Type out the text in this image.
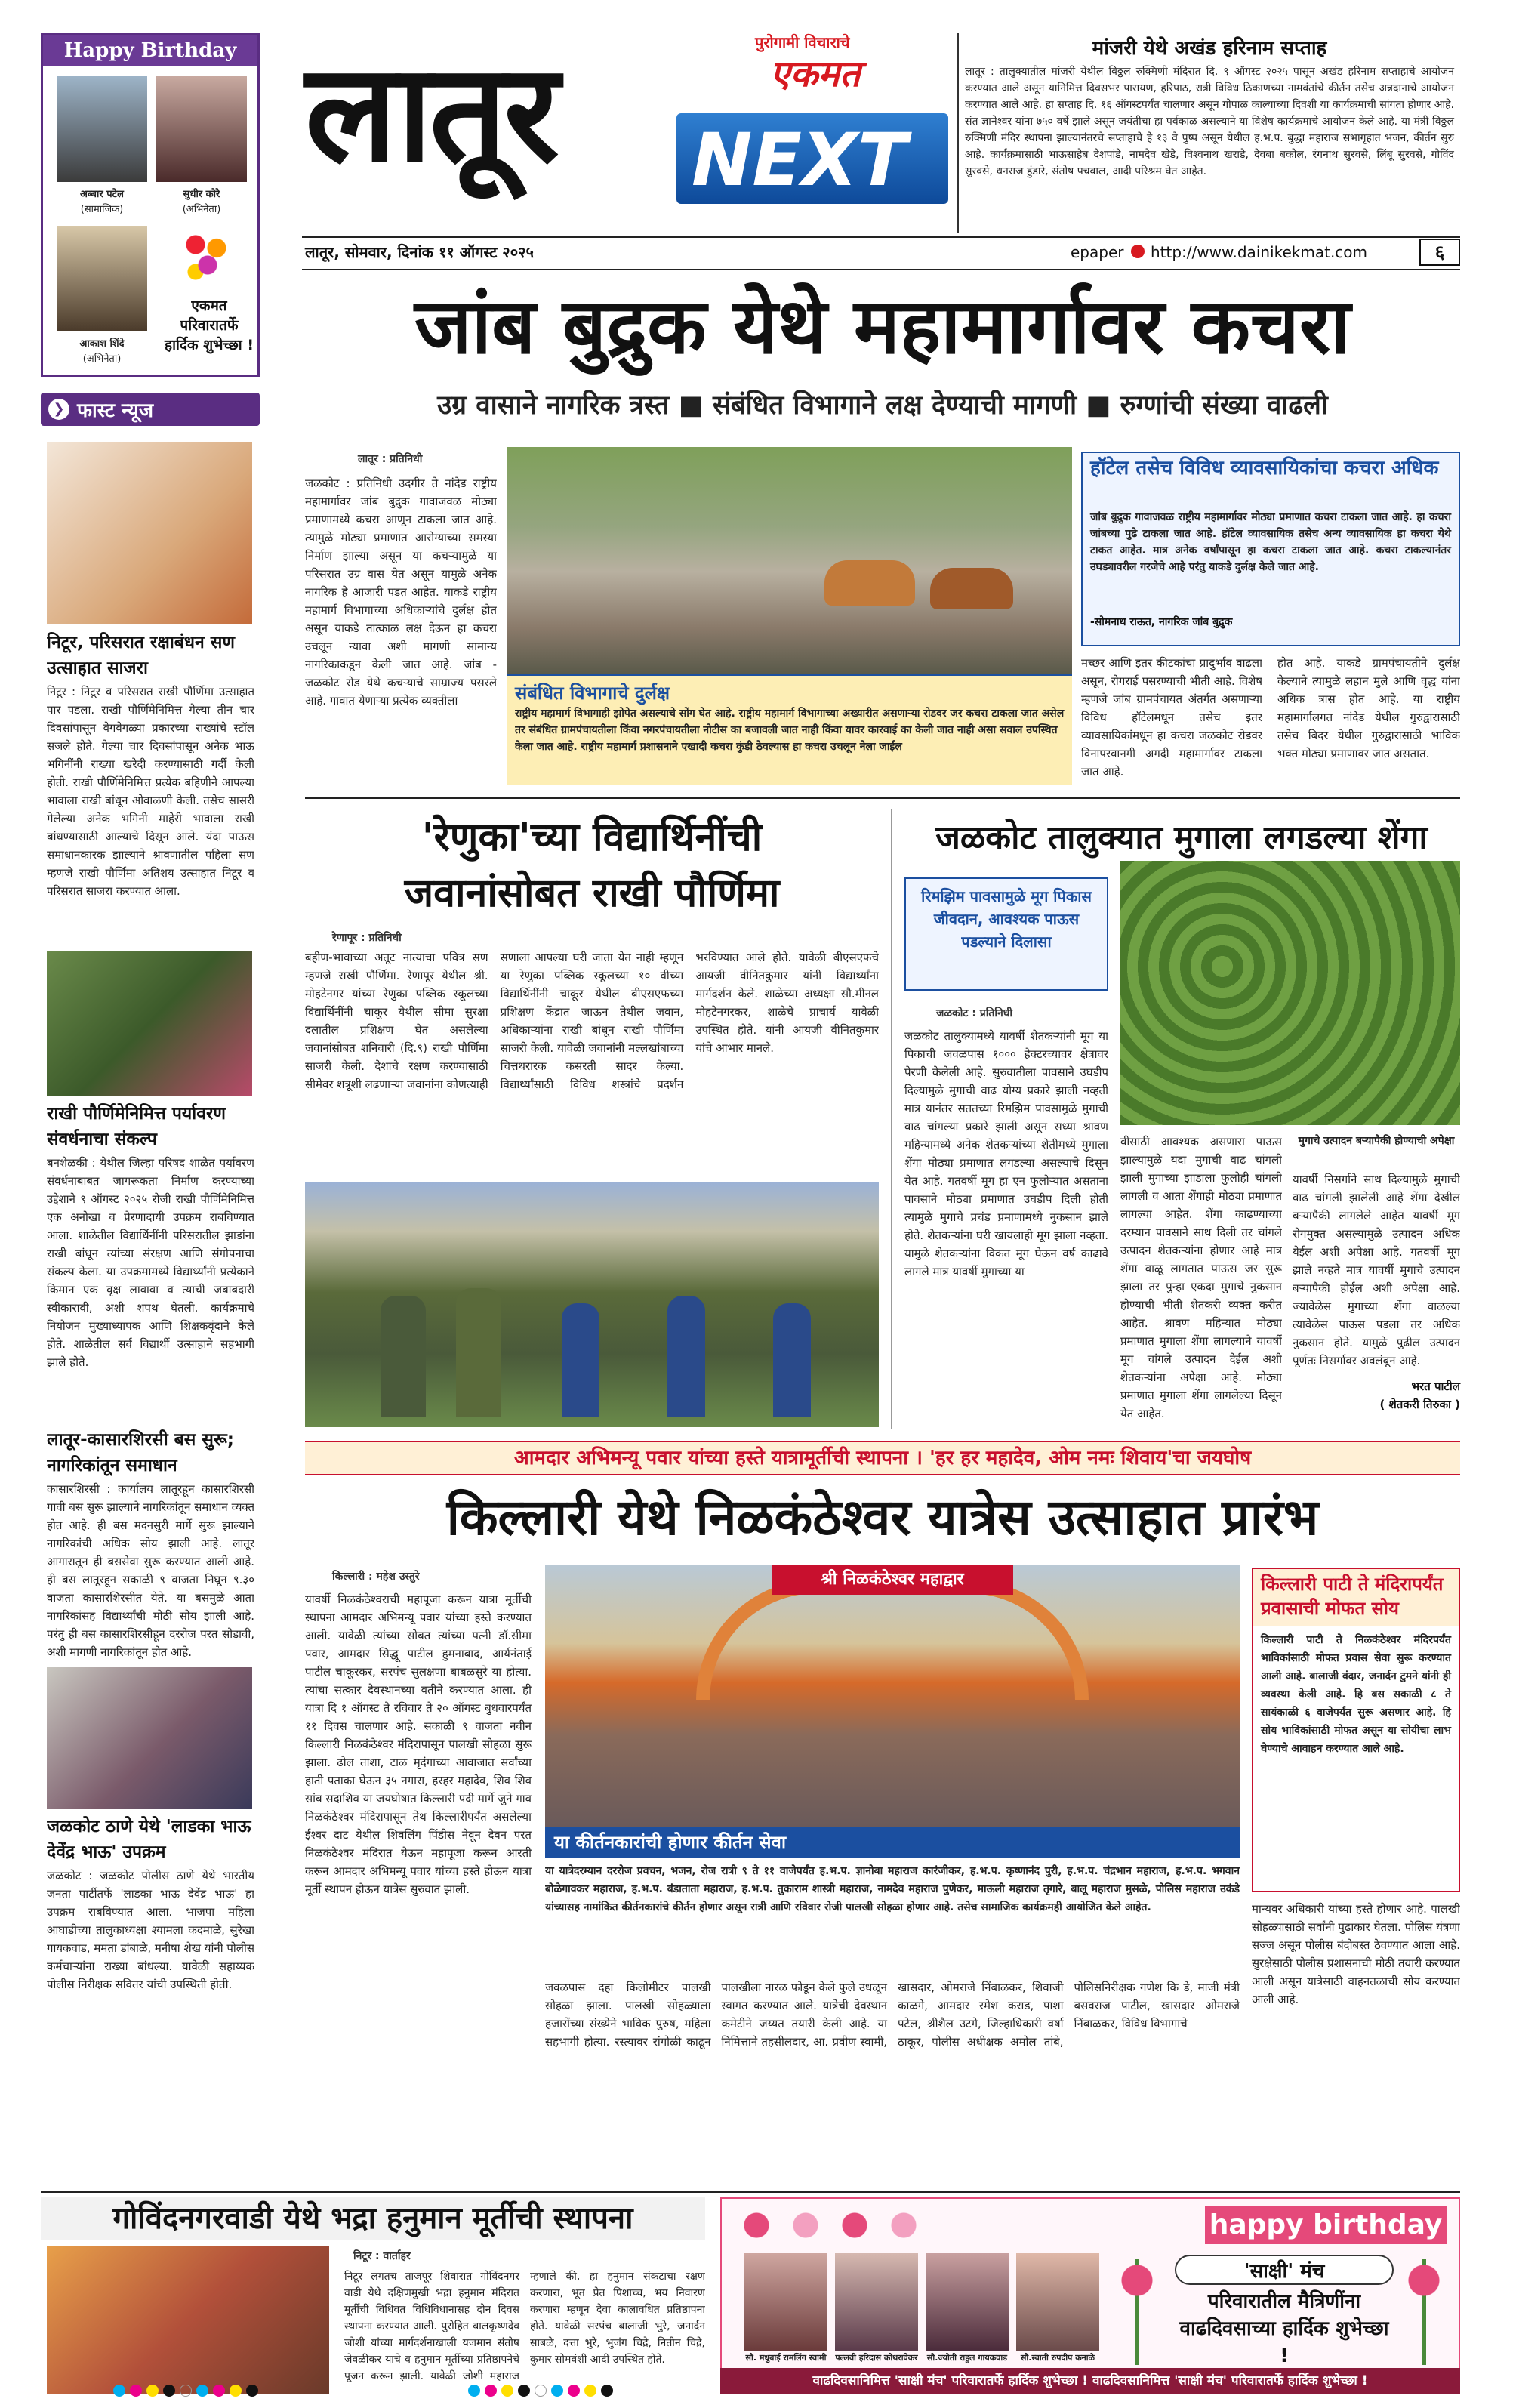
Happy Birthday
अब्बार पटेल
(सामाजिक)
सुधीर कोरे
(अभिनेता)
आकाश शिंदे
(अभिनेता)
एकमत परिवारातर्फे हार्दिक शुभेच्छा !
❯ फास्ट न्यूज
निटूर, परिसरात रक्षाबंधन सण उत्साहात साजरा
निटूर : निटूर व परिसरात राखी पौर्णिमा उत्साहात पार पडला. राखी पौर्णिमेनिमित्त गेल्या तीन चार दिवसांपासून वेगवेगळ्या प्रकारच्या राख्यांचे स्टॉल सजले होते. गेल्या चार दिवसांपासून अनेक भाऊ भगिनींनी राख्या खरेदी करण्यासाठी गर्दी केली होती. राखी पौर्णिमेनिमित्त प्रत्येक बहिणीने आपल्या भावाला राखी बांधून ओवाळणी केली. तसेच सासरी गेलेल्या अनेक भगिनी माहेरी भावाला राखी बांधण्यासाठी आल्याचे दिसून आले. यंदा पाऊस समाधानकारक झाल्याने श्रावणातील पहिला सण म्हणजे राखी पौर्णिमा अतिशय उत्साहात निटूर व परिसरात साजरा करण्यात आला.
राखी पौर्णिमेनिमित्त पर्यावरण संवर्धनाचा संकल्प
बनशेळकी : येथील जिल्हा परिषद शाळेत पर्यावरण संवर्धनाबाबत जागरूकता निर्माण करण्याच्या उद्देशाने ९ ऑगस्ट २०२५ रोजी राखी पौर्णिमेनिमित्त एक अनोखा व प्रेरणादायी उपक्रम राबविण्यात आला. शाळेतील विद्यार्थिनींनी परिसरातील झाडांना राखी बांधून त्यांच्या संरक्षण आणि संगोपनाचा संकल्प केला. या उपक्रमामध्ये विद्यार्थ्यांनी प्रत्येकाने किमान एक वृक्ष लावावा व त्याची जबाबदारी स्वीकारावी, अशी शपथ घेतली. कार्यक्रमाचे नियोजन मुख्याध्यापक आणि शिक्षकवृंदाने केले होते. शाळेतील सर्व विद्यार्थी उत्साहाने सहभागी झाले होते.
लातूर-कासारशिरसी बस सुरू; नागरिकांतून समाधान
कासारशिरसी : कार्यालय लातूरहून कासारशिरसी गावी बस सुरू झाल्याने नागरिकांतून समाधान व्यक्त होत आहे. ही बस मदनसुरी मार्गे सुरू झाल्याने नागरिकांची अधिक सोय झाली आहे. लातूर आगारातून ही बससेवा सुरू करण्यात आली आहे. ही बस लातूरहून सकाळी ९ वाजता निघून ९.३० वाजता कासारशिरसीत येते. या बसमुळे आता नागरिकांसह विद्यार्थ्यांची मोठी सोय झाली आहे. परंतु ही बस कासारशिरसीहून दररोज परत सोडावी, अशी मागणी नागरिकांतून होत आहे.
जळकोट ठाणे येथे 'लाडका भाऊ देवेंद्र भाऊ' उपक्रम
जळकोट : जळकोट पोलीस ठाणे येथे भारतीय जनता पार्टीतर्फे 'लाडका भाऊ देवेंद्र भाऊ' हा उपक्रम राबविण्यात आला. भाजपा महिला आघाडीच्या तालुकाध्यक्षा श्यामला कदमाळे, सुरेखा गायकवाड, ममता डांबाळे, मनीषा शेख यांनी पोलीस कर्मचाऱ्यांना राख्या बांधल्या. यावेळी सहाय्यक पोलीस निरीक्षक सवितर यांची उपस्थिती होती.
लातूर	पुरोगामी विचाराचे
एकमत
NEXT
लातूर, सोमवार, दिनांक ११ ऑगस्ट २०२५	epaper http://www.dainikekmat.com	६
मांजरी येथे अखंड हरिनाम सप्ताह
लातूर : तालुक्यातील मांजरी येथील विठ्ठल रुक्मिणी मंदिरात दि. ९ ऑगस्ट २०२५ पासून अखंड हरिनाम सप्ताहाचे आयोजन करण्यात आले असून यानिमित्त दिवसभर पारायण, हरिपाठ, रात्री विविध ठिकाणच्या नामवंतांचे कीर्तन तसेच अन्नदानाचे आयोजन करण्यात आले आहे. हा सप्ताह दि. १६ ऑगस्टपर्यंत चालणार असून गोपाळ काल्याच्या दिवशी या कार्यक्रमाची सांगता होणार आहे. संत ज्ञानेश्वर यांना ७५० वर्षे झाले असून जयंतीचा हा पर्वकाळ असल्याने या विशेष कार्यक्रमाचे आयोजन केले आहे. या मंत्री विठ्ठल रुक्मिणी मंदिर स्थापना झाल्यानंतरचे सप्ताहाचे हे १३ वे पुष्प असून येथील ह.भ.प. बुद्धा महाराज सभागृहात भजन, कीर्तन सुरु आहे. कार्यक्रमासाठी भाऊसाहेब देशपांडे, नामदेव खेडे, विश्वनाथ खराडे, देवबा बकोल, रंगनाथ सुरवसे, लिंबू सुरवसे, गोविंद सुरवसे, धनराज हुंडारे, संतोष पचवाल, आदी परिश्रम घेत आहेत.
जांब बुद्रुक येथे महामार्गावर कचरा
उग्र वासाने नागरिक त्रस्त ■ संबंधित विभागाने लक्ष देण्याची मागणी ■ रुग्णांची संख्या वाढली
लातूर : प्रतिनिधी
जळकोट : प्रतिनिधी उदगीर ते नांदेड राष्ट्रीय महामार्गावर जांब बुद्रुक गावाजवळ मोठ्या प्रमाणामध्ये कचरा आणून टाकला जात आहे. त्यामुळे मोठ्या प्रमाणात आरोग्याच्या समस्या निर्माण झाल्या असून या कचऱ्यामुळे या परिसरात उग्र वास येत असून यामुळे अनेक नागरिक हे आजारी पडत आहेत. याकडे राष्ट्रीय महामार्ग विभागाच्या अधिकाऱ्यांचे दुर्लक्ष होत असून याकडे तात्काळ लक्ष देऊन हा कचरा उचलून न्यावा अशी मागणी सामान्य नागरिकाकडून केली जात आहे. जांब - जळकोट रोड येथे कचऱ्याचे साम्राज्य पसरले आहे. गावात येणाऱ्या प्रत्येक व्यक्तीला	संबंधित विभागाचे दुर्लक्ष
राष्ट्रीय महामार्ग विभागाही झोपेत असल्याचे सोंग घेत आहे. राष्ट्रीय महामार्ग विभागाच्या अख्यारीत असणाऱ्या रोडवर जर कचरा टाकला जात असेल तर संबंधित ग्रामपंचायतीला किंवा नगरपंचायतीला नोटीस का बजावली जात नाही किंवा यावर कारवाई का केली जात नाही असा सवाल उपस्थित केला जात आहे. राष्ट्रीय महामार्ग प्रशासनाने एखादी कचरा कुंडी ठेवल्यास हा कचरा उचलून नेला जाईल
हॉटेल तसेच विविध व्यावसायिकांचा कचरा अधिक
जांब बुद्रुक गावाजवळ राष्ट्रीय महामार्गावर मोठ्या प्रमाणात कचरा टाकला जात आहे. हा कचरा जांबच्या पुढे टाकला जात आहे. हॉटेल व्यावसायिक तसेच अन्य व्यावसायिक हा कचरा येथे टाकत आहेत. मात्र अनेक वर्षांपासून हा कचरा टाकला जात आहे. कचरा टाकल्यानंतर उघड्यावरील गरजेचे आहे परंतु याकडे दुर्लक्ष केले जात आहे.
-सोमनाथ राऊत, नागरिक जांब बुद्रुक
मच्छर आणि इतर कीटकांचा प्रादुर्भाव वाढला असून, रोगराई पसरण्याची भीती आहे. विशेष म्हणजे जांब ग्रामपंचायत अंतर्गत असणाऱ्या विविध हॉटेलमधून तसेच इतर व्यावसायिकांमधून हा कचरा जळकोट रोडवर विनापरवानगी अगदी महामार्गावर टाकला जात आहे.
होत आहे. याकडे ग्रामपंचायतीने दुर्लक्ष केल्याने त्यामुळे लहान मुले आणि वृद्ध यांना अधिक त्रास होत आहे. या राष्ट्रीय महामार्गालगत नांदेड येथील गुरुद्वारासाठी तसेच बिदर येथील गुरुद्वारासाठी भाविक भक्त मोठ्या प्रमाणावर जात असतात.
'रेणुका'च्या विद्यार्थिनींची
जवानांसोबत राखी पौर्णिमा
रेणापूर : प्रतिनिधी
बहीण-भावाच्या अतूट नात्याचा पवित्र सण म्हणजे राखी पौर्णिमा. रेणापूर येथील श्री. मोहटेनगर यांच्या रेणुका पब्लिक स्कूलच्या विद्यार्थिनींनी चाकूर येथील सीमा सुरक्षा दलातील प्रशिक्षण घेत असलेल्या जवानांसोबत शनिवारी (दि.९) राखी पौर्णिमा साजरी केली. देशाचे रक्षण करण्यासाठी सीमेवर शत्रूशी लढणाऱ्या जवानांना कोणत्याही सणाला आपल्या घरी जाता येत नाही म्हणून या रेणुका पब्लिक स्कूलच्या १० वीच्या विद्यार्थिनींनी चाकूर येथील बीएसएफच्या प्रशिक्षण केंद्रात जाऊन तेथील जवान, अधिकाऱ्यांना राखी बांधून राखी पौर्णिमा साजरी केली. यावेळी जवानांनी मल्लखांबाच्या चित्तथरारक कसरती सादर केल्या. विद्यार्थ्यांसाठी विविध शस्त्रांचे प्रदर्शन भरविण्यात आले होते. यावेळी बीएसएफचे आयजी वीनितकुमार यांनी विद्यार्थ्यांना मार्गदर्शन केले. शाळेच्या अध्यक्षा सौ.मीनल मोहटेनगरकर, शाळेचे प्राचार्य यावेळी उपस्थित होते. यांनी आयजी वीनितकुमार यांचे आभार मानले.
जळकोट तालुक्यात मुगाला लगडल्या शेंगा
रिमझिम पावसामुळे मूग पिकास जीवदान, आवश्यक पाऊस पडल्याने दिलासा
जळकोट : प्रतिनिधी
जळकोट तालुक्यामध्ये यावर्षी शेतकऱ्यांनी मूग या पिकाची जवळपास १००० हेक्टरच्यावर क्षेत्रावर पेरणी केलेली आहे. सुरुवातीला पावसाने उघडीप दिल्यामुळे मुगाची वाढ योग्य प्रकारे झाली नव्हती मात्र यानंतर सततच्या रिमझिम पावसामुळे मुगाची वाढ चांगल्या प्रकारे झाली असून सध्या श्रावण महिन्यामध्ये अनेक शेतकऱ्यांच्या शेतीमध्ये मुगाला शेंगा मोठ्या प्रमाणात लगडल्या असल्याचे दिसून येत आहे. गतवर्षी मूग हा एन फुलोऱ्यात असताना पावसाने मोठ्या प्रमाणात उघडीप दिली होती त्यामुळे मुगाचे प्रचंड प्रमाणामध्ये नुकसान झाले होते. शेतकऱ्यांना घरी खायलाही मूग झाला नव्हता. यामुळे शेतकऱ्यांना विकत मूग घेऊन वर्ष काढावे लागले मात्र यावर्षी मुगाच्या या
वीसाठी आवश्यक असणारा पाऊस झाल्यामुळे यंदा मुगाची वाढ चांगली झाली मुगाच्या झाडाला फुलोही चांगली लागली व आता शेंगाही मोठ्या प्रमाणात लागल्या आहेत. शेंगा काढण्याच्या दरम्यान पावसाने साथ दिली तर चांगले उत्पादन शेतकऱ्यांना होणार आहे मात्र शेंगा वाळू लागतात पाऊस जर सुरू झाला तर पुन्हा एकदा मुगाचे नुकसान होण्याची भीती शेतकरी व्यक्त करीत आहेत. श्रावण महिन्यात मोठ्या प्रमाणात मुगाला शेंगा लागल्याने यावर्षी मूग चांगले उत्पादन देईल अशी शेतकऱ्यांना अपेक्षा आहे. मोठ्या प्रमाणात मुगाला शेंगा लागलेल्या दिसून येत आहेत.
मुगाचे उत्पादन बऱ्यापैकी होण्याची अपेक्षा
यावर्षी निसर्गाने साथ दिल्यामुळे मुगाची वाढ चांगली झालेली आहे शेंगा देखील बऱ्यापैकी लागलेले आहेत यावर्षी मूग रोगमुक्त असल्यामुळे उत्पादन अधिक येईल अशी अपेक्षा आहे. गतवर्षी मूग झाले नव्हते मात्र यावर्षी मुगाचे उत्पादन बऱ्यापैकी होईल अशी अपेक्षा आहे. ज्यावेळेस मुगाच्या शेंगा वाळल्या त्यावेळेस पाऊस पडला तर अधिक नुकसान होते. यामुळे पुढील उत्पादन पूर्णतः निसर्गावर अवलंबून आहे.
भरत पाटील
( शेतकरी तिरुका )
आमदार अभिमन्यू पवार यांच्या हस्ते यात्रामूर्तीची स्थापना । 'हर हर महादेव, ओम नमः शिवाय'चा जयघोष
किल्लारी येथे निळकंठेश्वर यात्रेस उत्साहात प्रारंभ
किल्लारी : महेश उस्तुरे
यावर्षी निळकंठेश्वराची महापूजा करून यात्रा मूर्तीची स्थापना आमदार अभिमन्यू पवार यांच्या हस्ते करण्यात आली. यावेळी त्यांच्या सोबत त्यांच्या पत्नी डॉ.सीमा पवार, आमदार सिद्धू पाटील हुमनाबाद, आर्यनंताई पाटील चाकूरकर, सरपंच सुलक्षणा बाबळसुरे या होत्या. त्यांचा सत्कार देवस्थानच्या वतीने करण्यात आला. ही यात्रा दि १ ऑगस्ट ते रविवार ते २० ऑगस्ट बुधवारपर्यंत ११ दिवस चालणार आहे. सकाळी ९ वाजता नवीन किल्लारी निळकंठेश्वर मंदिरापासून पालखी सोहळा सुरू झाला. ढोल ताशा, टाळ मृदंगाच्या आवाजात सर्वांच्या हाती पताका घेऊन ३५ नगारा, हरहर महादेव, शिव शिव सांब सदाशिव या जयघोषात किल्लारी पदी मार्गे जुने गाव निळकंठेश्वर मंदिरापासून तेथ किल्लारीपर्यंत असलेल्या ईश्वर दाट येथील शिवलिंग पिंडीस नेवून देवन परत निळकंठेश्वर मंदिरात येऊन महापूजा करून आरती करून आमदार अभिमन्यू पवार यांच्या हस्ते होऊन यात्रा मूर्ती स्थापन होऊन यात्रेस सुरुवात झाली.
श्री निळकंठेश्वर महाद्वार
या कीर्तनकारांची होणार कीर्तन सेवा
या यात्रेदरम्यान दररोज प्रवचन, भजन, रोज रात्री ९ ते ११ वाजेपर्यंत ह.भ.प. ज्ञानोबा महाराज कारंजीकर, ह.भ.प. कृष्णानंद पुरी, ह.भ.प. चंद्रभान महाराज, ह.भ.प. भगवान बोळेगावकर महाराज, ह.भ.प. बंडाताता महाराज, ह.भ.प. तुकाराम शास्त्री महाराज, नामदेव महाराज पुणेकर, माऊली महाराज तृगारे, बालू महाराज मुसळे, पोलिस महाराज उकंडे यांच्यासह नामांकित कीर्तनकारांचे कीर्तन होणार असून रात्री आणि रविवार रोजी पालखी सोहळा होणार आहे. तसेच सामाजिक कार्यक्रमही आयोजित केले आहेत.
जवळपास दहा किलोमीटर पालखी सोहळा झाला. पालखी सोहळ्याला हजारोंच्या संख्येने भाविक पुरुष, महिला सहभागी होत्या. रस्त्यावर रांगोळी काढून पालखीला नारळ फोडून केले फुले उधळून स्वागत करण्यात आले. यात्रेची देवस्थान कमेटीने जय्यत तयारी केली आहे. या निमित्ताने तहसीलदार, आ. प्रवीण स्वामी, खासदार, ओमराजे निंबाळकर, शिवाजी काळगे, आमदार रमेश कराड, पाशा पटेल, श्रीशैल उटगे, जिल्हाधिकारी वर्षा ठाकूर, पोलीस अधीक्षक अमोल तांबे, पोलिसनिरीक्षक गणेश कि डे, माजी मंत्री बसवराज पाटील, खासदार ओमराजे निंबाळकर, विविध विभागाचे
किल्लारी पाटी ते मंदिरापर्यंत प्रवासाची मोफत सोय
किल्लारी पाटी ते निळकंठेश्वर मंदिरपर्यंत भाविकांसाठी मोफत प्रवास सेवा सुरू करण्यात आली आहे. बालाजी वंदार, जनार्दन टुमने यांनी ही व्यवस्था केली आहे. हि बस सकाळी ८ ते सायंकाळी ६ वाजेपर्यंत सुरू असणार आहे. हि सोय भाविकांसाठी मोफत असून या सोयीचा लाभ घेण्याचे आवाहन करण्यात आले आहे.
मान्यवर अधिकारी यांच्या हस्ते होणार आहे. पालखी सोहळ्यासाठी सर्वांनी पुढाकार घेतला. पोलिस यंत्रणा सज्ज असून पोलीस बंदोबस्त ठेवण्यात आला आहे. सुरक्षेसाठी पोलीस प्रशासनाची मोठी तयारी करण्यात आली असून यात्रेसाठी वाहनतळाची सोय करण्यात आली आहे.
गोविंदनगरवाडी येथे भद्रा हनुमान मूर्तीची स्थापना
निटूर : वार्ताहर
निटूर लगतच ताजपूर शिवारात गोविंदनगर वाडी येथे दक्षिणमुखी भद्रा हनुमान मंदिरात मूर्तीची विधिवत विधिविधानासह दोन दिवस स्थापना करण्यात आली. पुरोहित बालकृष्णदेव जोशी यांच्या मार्गदर्शनाखाली यजमान संतोष जेवळीकर याचे व हनुमान मूर्तीच्या प्रतिष्ठापनेचे पूजन करून झाली. यावेळी जोशी महाराज म्हणाले की, हा हनुमान संकटाचा रक्षण करणारा, भूत प्रेत पिशाच्च, भय निवारण करणारा म्हणून देवा कालावधित प्रतिष्ठापना होते. यावेळी सरपंच बालाजी भुरे, जनार्दन साबळे, दत्ता भुरे, भुजंग चिद्रे, नितीन चिद्रे, कुमार सोमवंशी आदी उपस्थित होते.
happy birthday
सौ. मधुबाई रामलिंग स्वामी	पल्लवी हरिदास कोथरावेकर	सौ.ज्योती राहुल गायकवाड	सौ.स्वाती रुपदीप कनाळे
'साक्षी' मंच
परिवारातील मैत्रिणींना वाढदिवसाच्या हार्दिक शुभेच्छा !
वाढदिवसानिमित्त 'साक्षी मंच' परिवारातर्फे हार्दिक शुभेच्छा ! वाढदिवसानिमित्त 'साक्षी मंच' परिवारातर्फे हार्दिक शुभेच्छा !
